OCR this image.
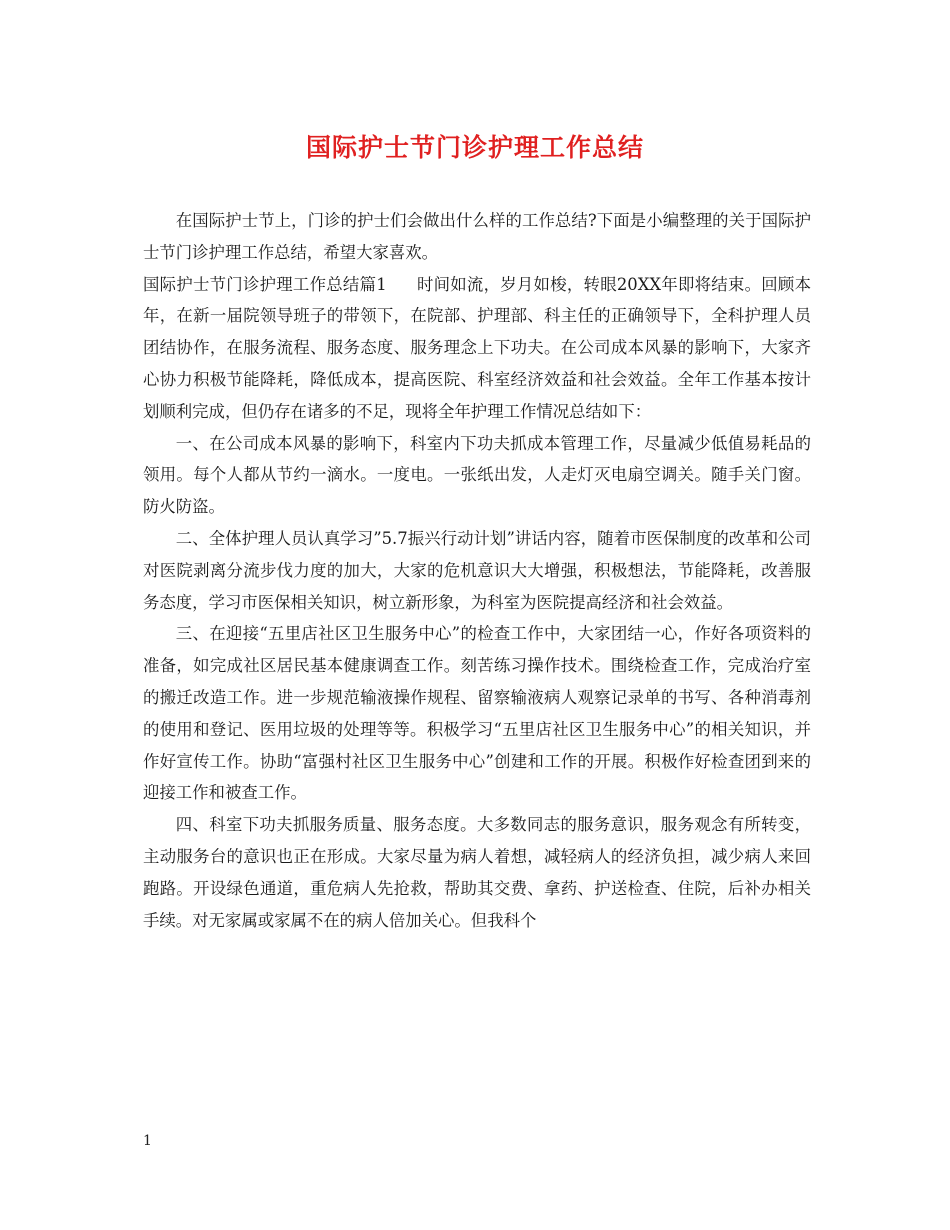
国际护士节门诊护理工作总结

在国际护士节上，门诊的护士们会做出什么样的工作总结?下面是小编整理的关于国际护士节门诊护理工作总结，希望大家喜欢。

国际护士节门诊护理工作总结篇1 时间如流，岁月如梭，转眼20XX年即将结束。回顾本年，在新一届院领导班子的带领下，在院部、护理部、科主任的正确领导下，全科护理人员团结协作，在服务流程、服务态度、服务理念上下功夫。在公司成本风暴的影响下，大家齐心协力积极节能降耗，降低成本，提高医院、科室经济效益和社会效益。全年工作基本按计划顺利完成，但仍存在诸多的不足，现将全年护理工作情况总结如下：

一、在公司成本风暴的影响下，科室内下功夫抓成本管理工作，尽量减少低值易耗品的领用。每个人都从节约一滴水。一度电。一张纸出发，人走灯灭电扇空调关。随手关门窗。防火防盗。

二、全体护理人员认真学习”5.7振兴行动计划”讲话内容，随着市医保制度的改革和公司对医院剥离分流步伐力度的加大，大家的危机意识大大增强，积极想法，节能降耗，改善服务态度，学习市医保相关知识，树立新形象，为科室为医院提高经济和社会效益。

三、在迎接“五里店社区卫生服务中心”的检查工作中，大家团结一心，作好各项资料的准备，如完成社区居民基本健康调查工作。刻苦练习操作技术。围绕检查工作，完成治疗室的搬迁改造工作。进一步规范输液操作规程、留察输液病人观察记录单的书写、各种消毒剂的使用和登记、医用垃圾的处理等等。积极学习“五里店社区卫生服务中心”的相关知识，并作好宣传工作。协助“富强村社区卫生服务中心”创建和工作的开展。积极作好检查团到来的迎接工作和被查工作。

四、科室下功夫抓服务质量、服务态度。大多数同志的服务意识，服务观念有所转变，主动服务台的意识也正在形成。大家尽量为病人着想，减轻病人的经济负担，减少病人来回跑路。开设绿色通道，重危病人先抢救，帮助其交费、拿药、护送检查、住院，后补办相关手续。对无家属或家属不在的病人倍加关心。但我科个

1
